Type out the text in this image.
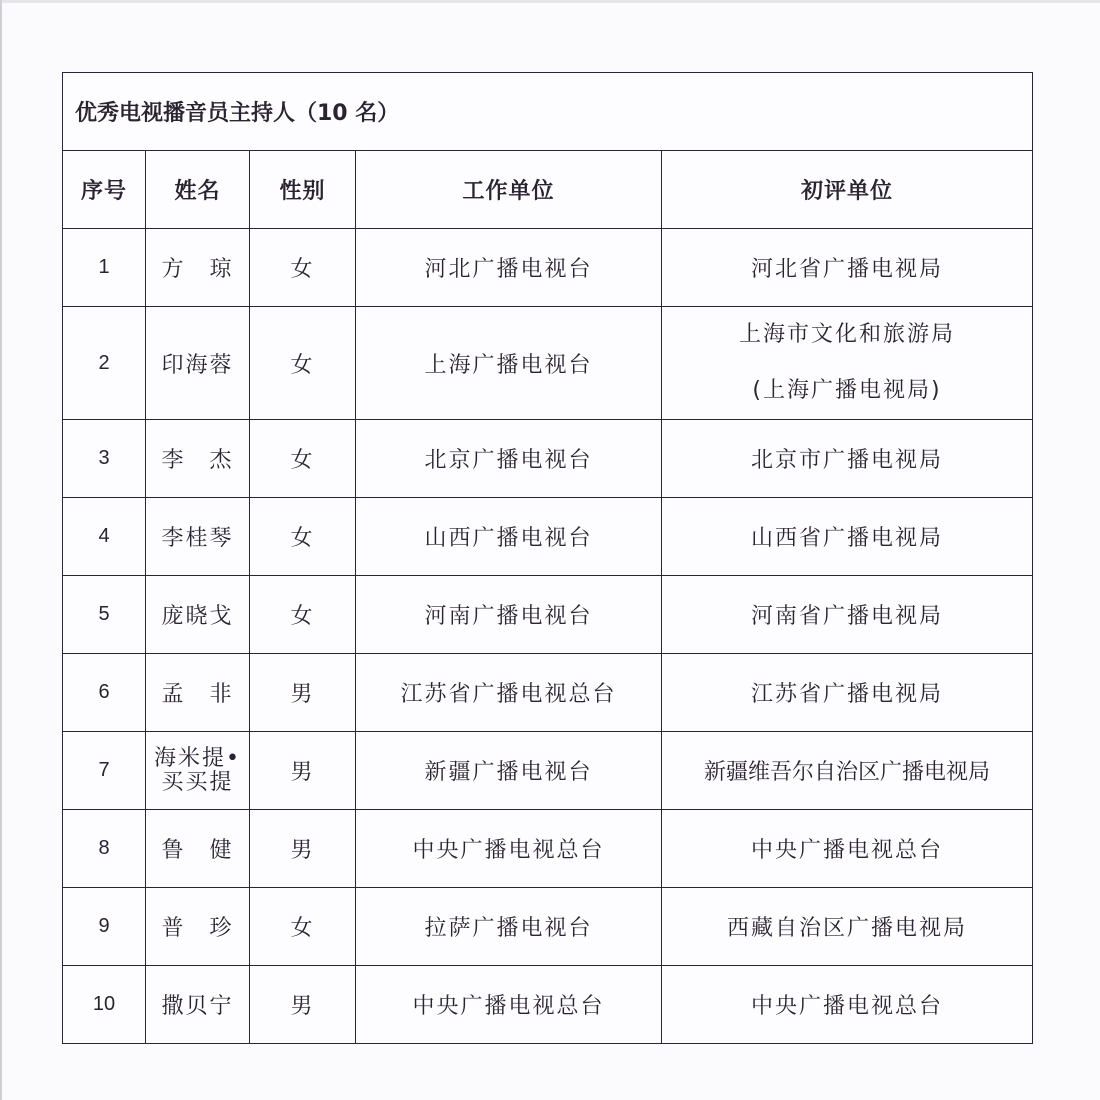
优秀电视播音员主持人（10 名）				
序号	姓名	性别	工作单位	初评单位
1	方　琼	女	河北广播电视台	河北省广播电视局
2	印海蓉	女	上海广播电视台	上海市文化和旅游局
(上海广播电视局)

3	李　杰	女	北京广播电视台	北京市广播电视局
4	李桂琴	女	山西广播电视台	山西省广播电视局
5	庞晓戈	女	河南广播电视台	河南省广播电视局
6	孟　非	男	江苏省广播电视总台	江苏省广播电视局
7	海米提•
买买提	男	新疆广播电视台	新疆维吾尔自治区广播电视局
8	鲁　健	男	中央广播电视总台	中央广播电视总台
9	普　珍	女	拉萨广播电视台	西藏自治区广播电视局
10	撒贝宁	男	中央广播电视总台	中央广播电视总台
